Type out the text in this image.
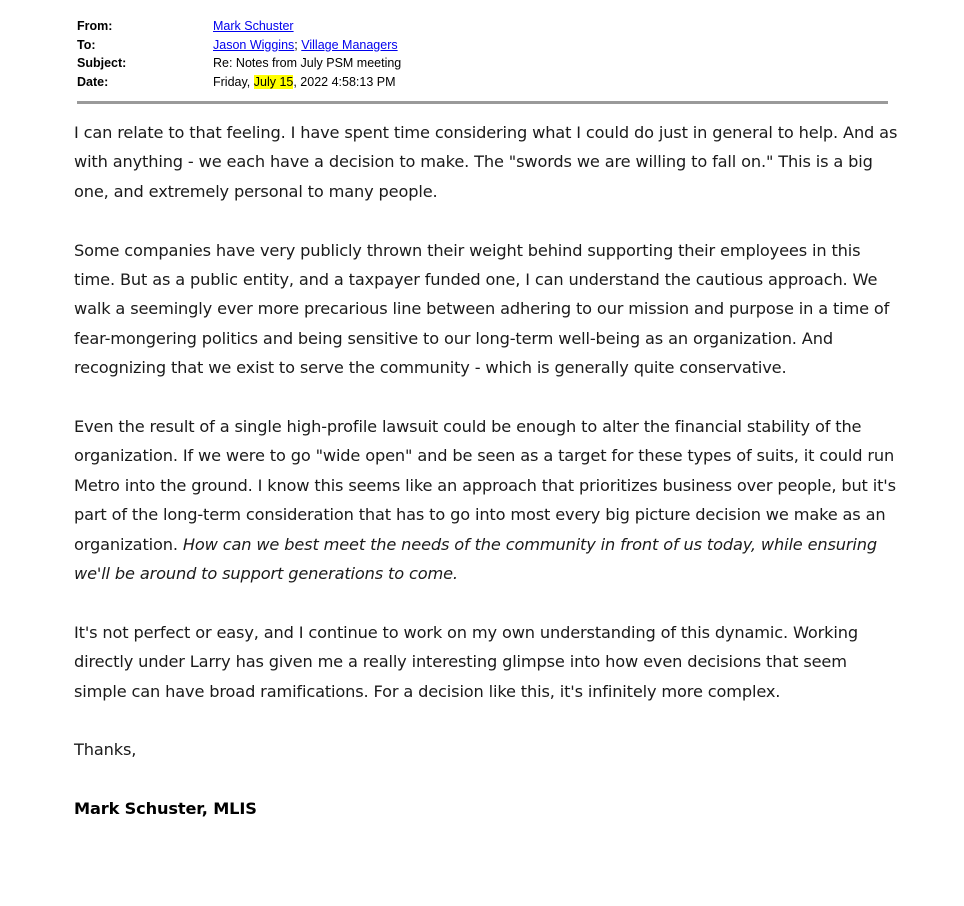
From:	Mark Schuster
To:	Jason Wiggins; Village Managers
Subject:	Re: Notes from July PSM meeting
Date:	Friday, July 15, 2022 4:58:13 PM

I can relate to that feeling. I have spent time considering what I could do just in general to help. And as with anything - we each have a decision to make. The "swords we are willing to fall on." This is a big one, and extremely personal to many people.

Some companies have very publicly thrown their weight behind supporting their employees in this time. But as a public entity, and a taxpayer funded one, I can understand the cautious approach. We walk a seemingly ever more precarious line between adhering to our mission and purpose in a time of fear-mongering politics and being sensitive to our long-term well-being as an organization. And recognizing that we exist to serve the community - which is generally quite conservative.

Even the result of a single high-profile lawsuit could be enough to alter the financial stability of the organization. If we were to go "wide open" and be seen as a target for these types of suits, it could run Metro into the ground. I know this seems like an approach that prioritizes business over people, but it's part of the long-term consideration that has to go into most every big picture decision we make as an organization. How can we best meet the needs of the community in front of us today, while ensuring we'll be around to support generations to come.

It's not perfect or easy, and I continue to work on my own understanding of this dynamic. Working directly under Larry has given me a really interesting glimpse into how even decisions that seem simple can have broad ramifications. For a decision like this, it's infinitely more complex.

Thanks,

Mark Schuster, MLIS
